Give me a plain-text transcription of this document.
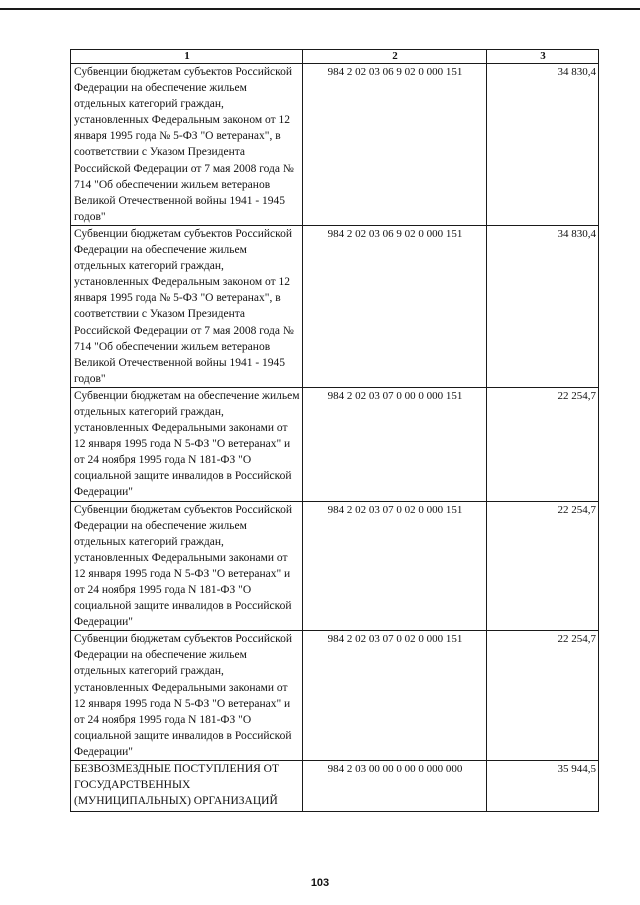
1	2	3
Субвенции бюджетам субъектов Российской Федерации на обеспечение жильем отдельных категорий граждан, установленных Федеральным законом от 12 января 1995 года № 5-ФЗ "О ветеранах", в соответствии с Указом Президента Российской Федерации от 7 мая 2008 года № 714 "Об обеспечении жильем ветеранов Великой Отечественной войны 1941 - 1945 годов"	984 2 02 03 06 9 02 0 000 151	34 830,4
Субвенции бюджетам субъектов Российской Федерации на обеспечение жильем отдельных категорий граждан, установленных Федеральным законом от 12 января 1995 года № 5-ФЗ "О ветеранах", в соответствии с Указом Президента Российской Федерации от 7 мая 2008 года № 714 "Об обеспечении жильем ветеранов Великой Отечественной войны 1941 - 1945 годов"	984 2 02 03 06 9 02 0 000 151	34 830,4
Субвенции бюджетам на обеспечение жильем отдельных категорий граждан, установленных Федеральными законами от 12 января 1995 года N 5-ФЗ "О ветеранах" и от 24 ноября 1995 года N 181-ФЗ "О социальной защите инвалидов в Российской Федерации"	984 2 02 03 07 0 00 0 000 151	22 254,7
Субвенции бюджетам субъектов Российской Федерации на обеспечение жильем отдельных категорий граждан, установленных Федеральными законами от 12 января 1995 года N 5-ФЗ "О ветеранах" и от 24 ноября 1995 года N 181-ФЗ "О социальной защите инвалидов в Российской Федерации"	984 2 02 03 07 0 02 0 000 151	22 254,7
Субвенции бюджетам субъектов Российской Федерации на обеспечение жильем отдельных категорий граждан, установленных Федеральными законами от 12 января 1995 года N 5-ФЗ "О ветеранах" и от 24 ноября 1995 года N 181-ФЗ "О социальной защите инвалидов в Российской Федерации"	984 2 02 03 07 0 02 0 000 151	22 254,7
БЕЗВОЗМЕЗДНЫЕ ПОСТУПЛЕНИЯ ОТ ГОСУДАРСТВЕННЫХ (МУНИЦИПАЛЬНЫХ) ОРГАНИЗАЦИЙ	984 2 03 00 00 0 00 0 000 000	35 944,5
103
